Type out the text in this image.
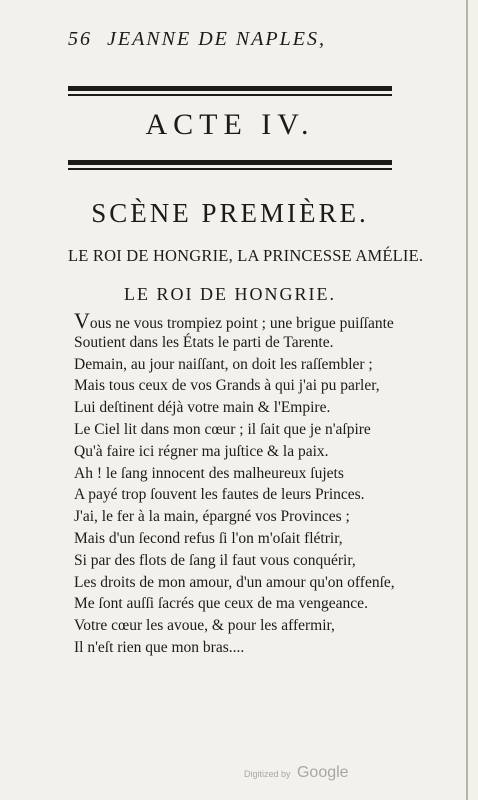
56 JEANNE DE NAPLES,
ACTE IV.
SCÈNE PREMIÈRE.
LE ROI DE HONGRIE, LA PRINCESSE AMÉLIE.
LE ROI DE HONGRIE.
Vous ne vous trompiez point ; une brigue puiſſante
Soutient dans les États le parti de Tarente.
Demain, au jour naiſſant, on doit les raſſembler ;
Mais tous ceux de vos Grands à qui j'ai pu parler,
Lui deſtinent déjà votre main & l'Empire.
Le Ciel lit dans mon cœur ; il ſait que je n'aſpire
Qu'à faire ici régner ma juſtice & la paix.
Ah ! le ſang innocent des malheureux ſujets
A payé trop ſouvent les fautes de leurs Princes.
J'ai, le fer à la main, épargné vos Provinces ;
Mais d'un ſecond refus ſi l'on m'oſait flétrir,
Si par des flots de ſang il faut vous conquérir,
Les droits de mon amour, d'un amour qu'on offenſe,
Me ſont auſſi ſacrés que ceux de ma vengeance.
Votre cœur les avoue, & pour les affermir,
Il n'eſt rien que mon bras....
Digitized by Google
